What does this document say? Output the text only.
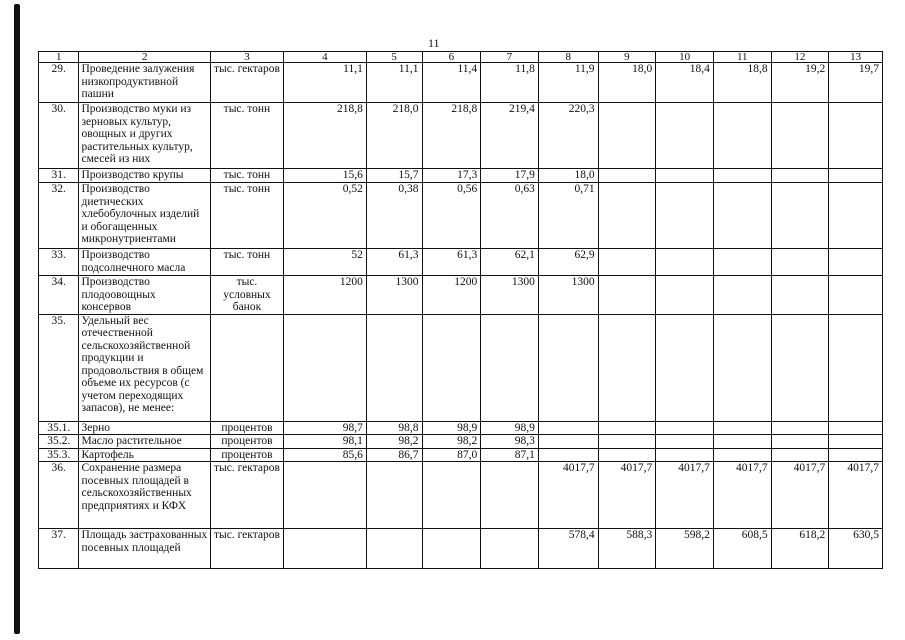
11
1	2	3	4	5	6	7	8	9	10	11	12	13
29.	Проведение залужения низкопродуктивной пашни	тыс. гектаров	11,1	11,1	11,4	11,8	11,9	18,0	18,4	18,8	19,2	19,7
30.	Производство муки из зерновых культур, овощных и других растительных культур, смесей из них	тыс. тонн	218,8	218,0	218,8	219,4	220,3					
31.	Производство крупы	тыс. тонн	15,6	15,7	17,3	17,9	18,0					
32.	Производство диетических хлебобулочных изделий и обогащенных микронутриентами	тыс. тонн	0,52	0,38	0,56	0,63	0,71					
33.	Производство подсолнечного масла	тыс. тонн	52	61,3	61,3	62,1	62,9					
34.	Производство плодоовощных консервов	тыс. условных банок	1200	1300	1200	1300	1300					
35.	Удельный вес отечественной сельскохозяйственной продукции и продовольствия в общем объеме их ресурсов (с учетом переходящих запасов), не менее:											
35.1.	Зерно	процентов	98,7	98,8	98,9	98,9						
35.2.	Масло растительное	процентов	98,1	98,2	98,2	98,3						
35.3.	Картофель	процентов	85,6	86,7	87,0	87,1						
36.	Сохранение размера посевных площадей в сельскохозяйственных предприятиях и КФХ	тыс. гектаров					4017,7	4017,7	4017,7	4017,7	4017,7	4017,7
37.	Площадь застрахованных посевных площадей	тыс. гектаров					578,4	588,3	598,2	608,5	618,2	630,5
